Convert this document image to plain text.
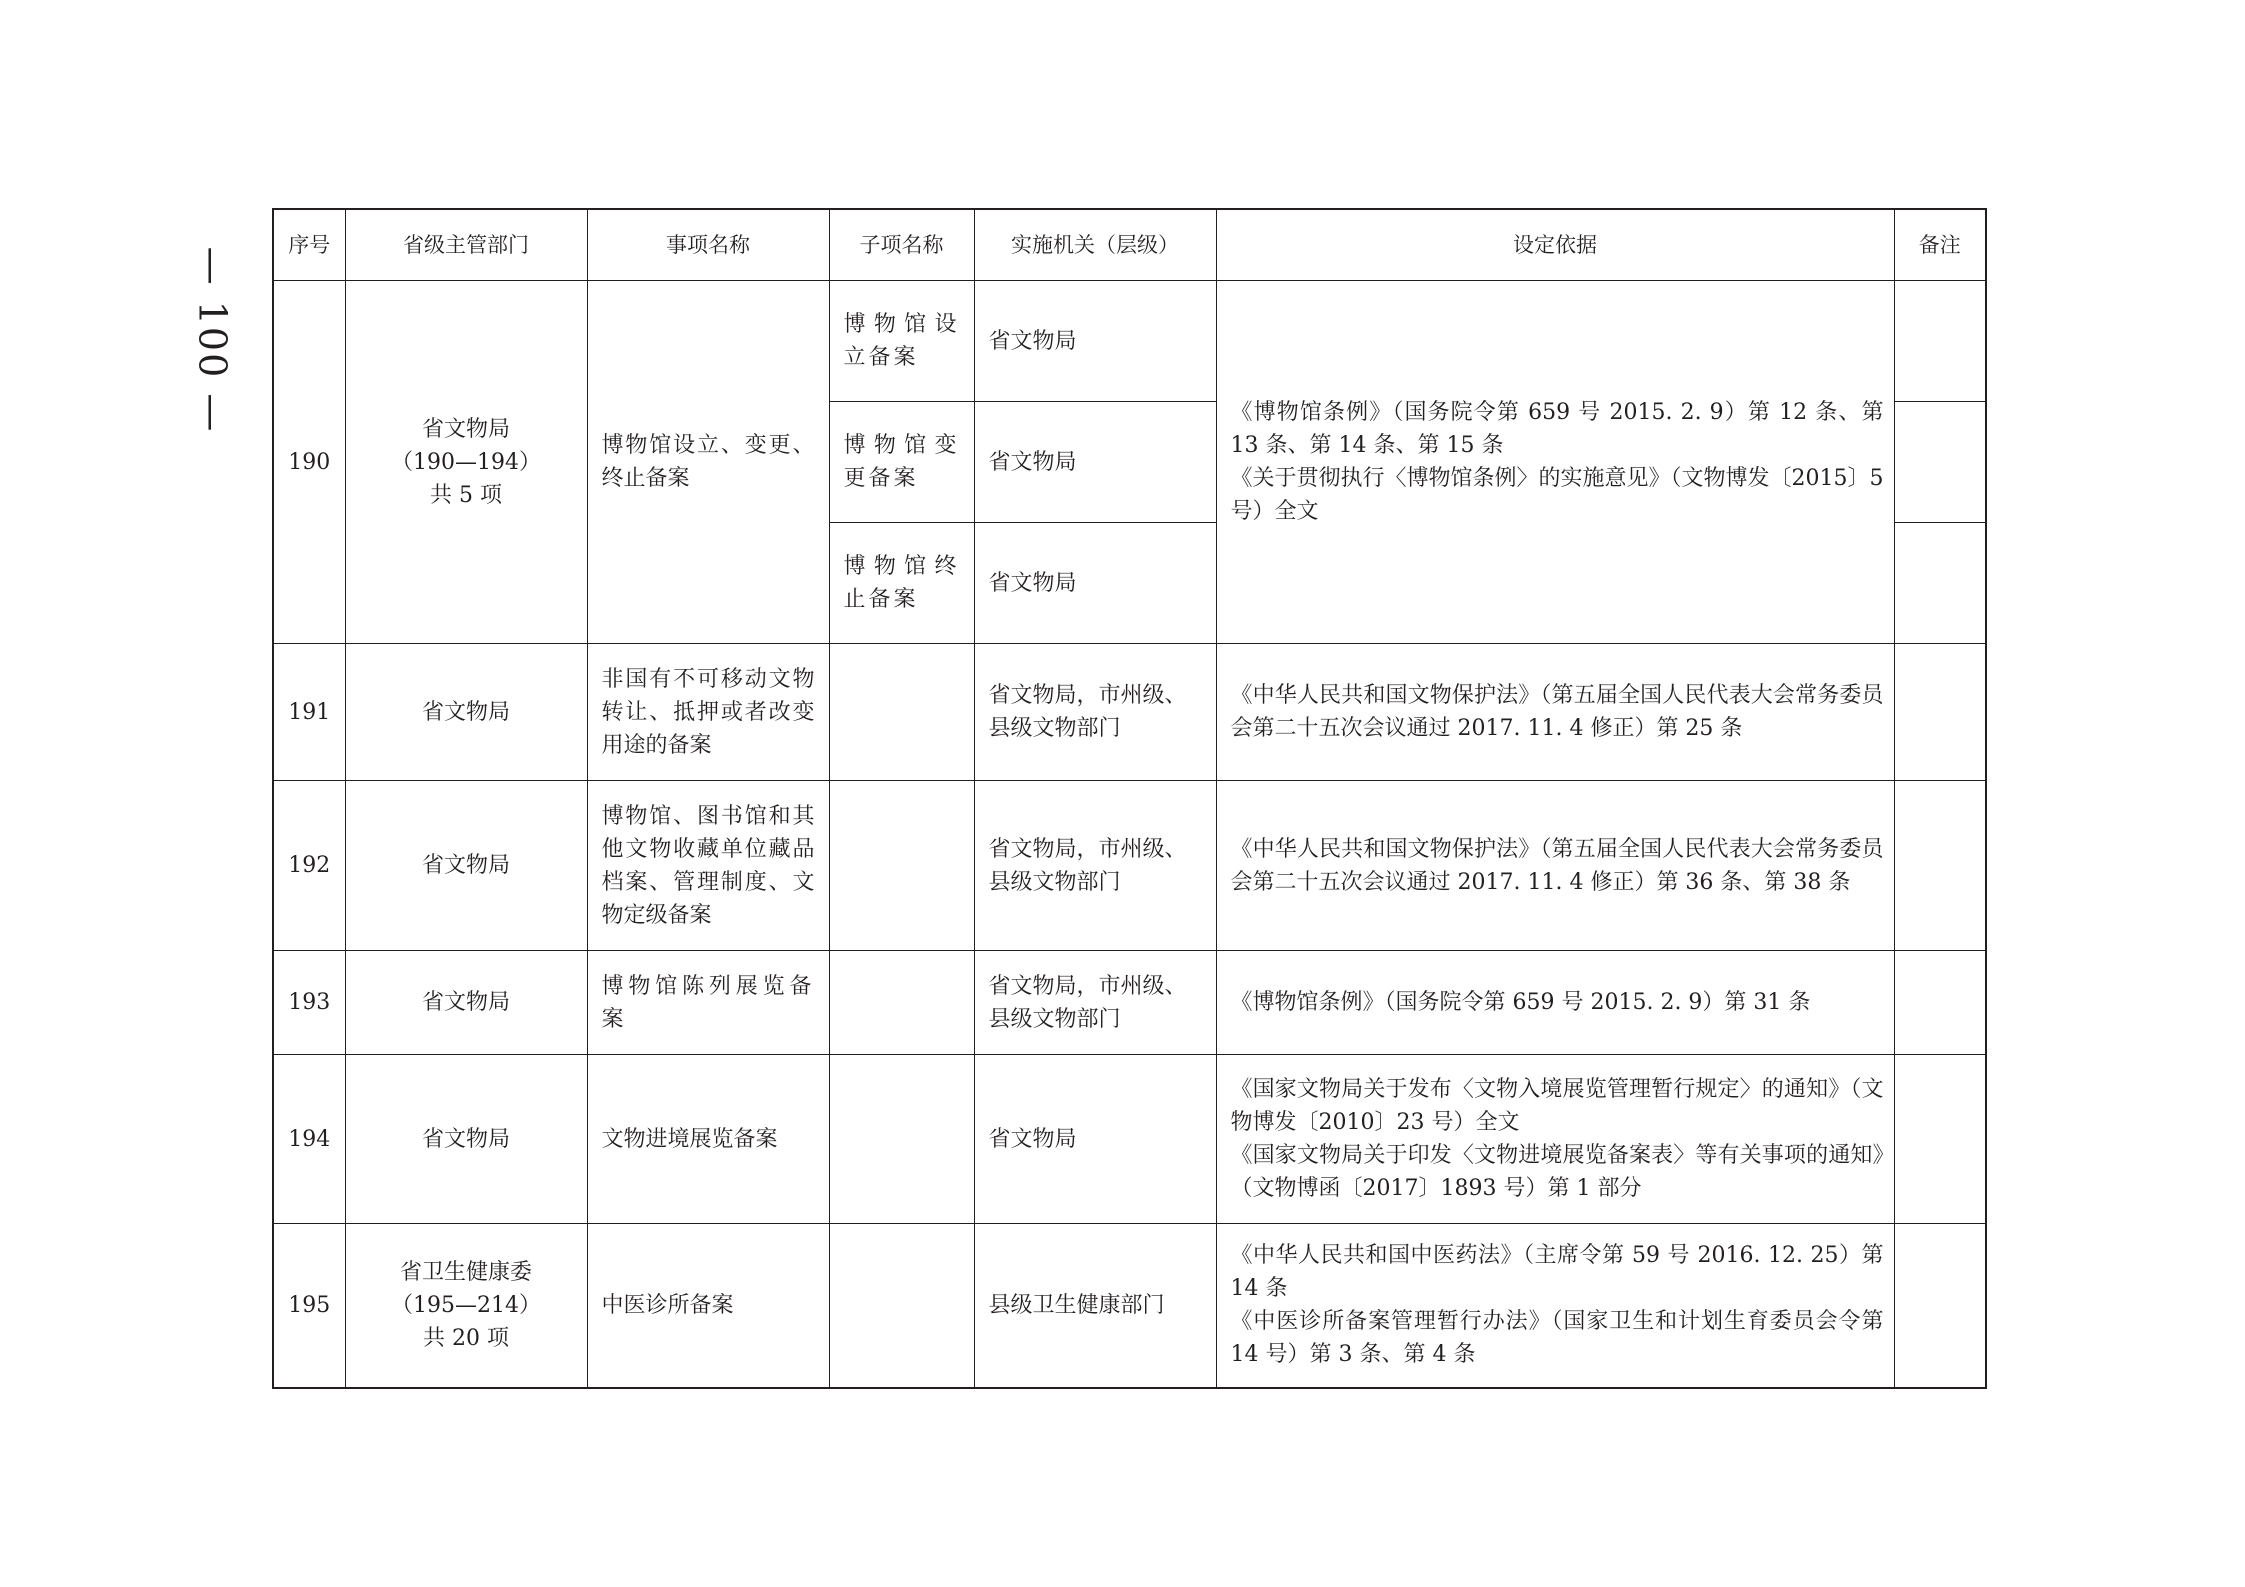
— 100 —
序号	省级主管部门	事项名称	子项名称	实施机关（层级）	设定依据	备注
190	省文物局
（190—194）
共 5 项	博物馆设立、变更、终止备案	博物馆设立备案	省文物局	《博物馆条例》（国务院令第 659 号 2015. 2. 9）第 12 条、第 13 条、第 14 条、第 15 条
《关于贯彻执行〈博物馆条例〉的实施意见》（文物博发〔2015〕5 号）全文	

			博物馆变更备案	省文物局		
			博物馆终止备案	省文物局		
191	省文物局	非国有不可移动文物转让、抵押或者改变用途的备案		省文物局，市州级、县级文物部门	《中华人民共和国文物保护法》（第五届全国人民代表大会常务委员会第二十五次会议通过 2017. 11. 4 修正）第 25 条	

192	省文物局	博物馆、图书馆和其他文物收藏单位藏品档案、管理制度、文物定级备案		省文物局，市州级、县级文物部门	《中华人民共和国文物保护法》（第五届全国人民代表大会常务委员会第二十五次会议通过 2017. 11. 4 修正）第 36 条、第 38 条	

193	省文物局	博物馆陈列展览备案		省文物局，市州级、县级文物部门	《博物馆条例》（国务院令第 659 号 2015. 2. 9）第 31 条	

194	省文物局	文物进境展览备案		省文物局	《国家文物局关于发布〈文物入境展览管理暂行规定〉的通知》（文物博发〔2010〕23 号）全文
《国家文物局关于印发〈文物进境展览备案表〉等有关事项的通知》（文物博函〔2017〕1893 号）第 1 部分	

195	省卫生健康委
（195—214）
共 20 项	中医诊所备案		县级卫生健康部门	《中华人民共和国中医药法》（主席令第 59 号 2016. 12. 25）第 14 条
《中医诊所备案管理暂行办法》（国家卫生和计划生育委员会令第 14 号）第 3 条、第 4 条	
